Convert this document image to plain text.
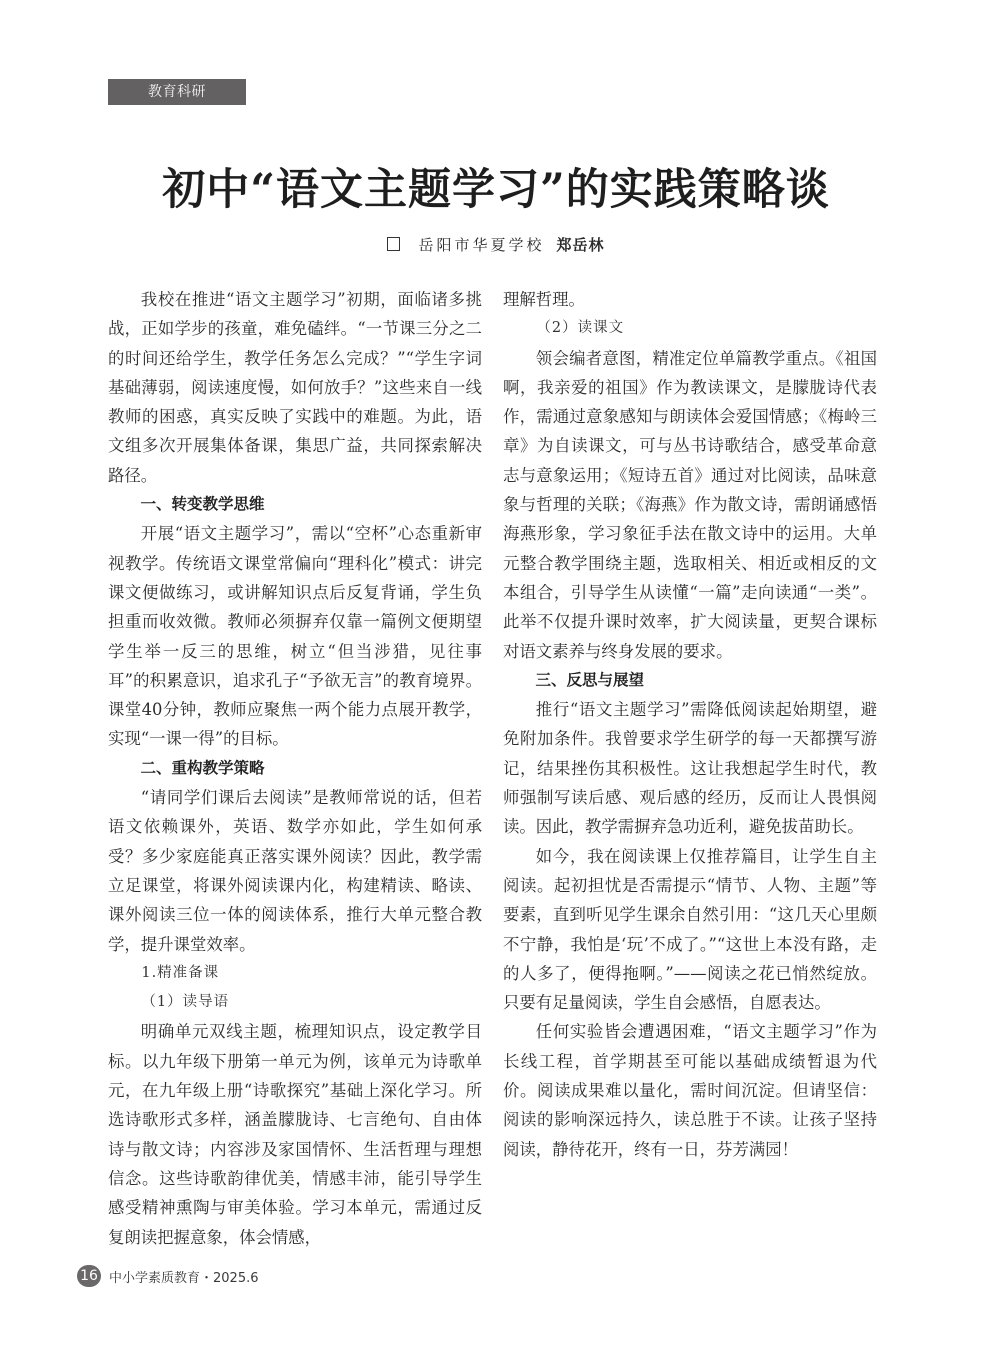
教育科研
初中“语文主题学习”的实践策略谈
岳阳市华夏学校 郑岳林

我校在推进“语文主题学习”初期，面临诸多挑战，正如学步的孩童，难免磕绊。“一节课三分之二的时间还给学生，教学任务怎么完成？”“学生字词基础薄弱，阅读速度慢，如何放手？”这些来自一线教师的困惑，真实反映了实践中的难题。为此，语文组多次开展集体备课，集思广益，共同探索解决路径。

一、转变教学思维

开展“语文主题学习”，需以“空杯”心态重新审视教学。传统语文课堂常偏向“理科化”模式：讲完课文便做练习，或讲解知识点后反复背诵，学生负担重而收效微。教师必须摒弃仅靠一篇例文便期望学生举一反三的思维，树立“但当涉猎，见往事耳”的积累意识，追求孔子“予欲无言”的教育境界。课堂40分钟，教师应聚焦一两个能力点展开教学，实现“一课一得”的目标。

二、重构教学策略

“请同学们课后去阅读”是教师常说的话，但若语文依赖课外，英语、数学亦如此，学生如何承受？多少家庭能真正落实课外阅读？因此，教学需立足课堂，将课外阅读课内化，构建精读、略读、课外阅读三位一体的阅读体系，推行大单元整合教学，提升课堂效率。

1.精准备课
（1）读导语

明确单元双线主题，梳理知识点，设定教学目标。以九年级下册第一单元为例，该单元为诗歌单元，在九年级上册“诗歌探究”基础上深化学习。所选诗歌形式多样，涵盖朦胧诗、七言绝句、自由体诗与散文诗；内容涉及家国情怀、生活哲理与理想信念。这些诗歌韵律优美，情感丰沛，能引导学生感受精神熏陶与审美体验。学习本单元，需通过反复朗读把握意象，体会情感，

理解哲理。

（2）读课文

领会编者意图，精准定位单篇教学重点。《祖国啊，我亲爱的祖国》作为教读课文，是朦胧诗代表作，需通过意象感知与朗读体会爱国情感；《梅岭三章》为自读课文，可与丛书诗歌结合，感受革命意志与意象运用；《短诗五首》通过对比阅读，品味意象与哲理的关联；《海燕》作为散文诗，需朗诵感悟海燕形象，学习象征手法在散文诗中的运用。大单元整合教学围绕主题，选取相关、相近或相反的文本组合，引导学生从读懂“一篇”走向读通“一类”。此举不仅提升课时效率，扩大阅读量，更契合课标对语文素养与终身发展的要求。

三、反思与展望

推行“语文主题学习”需降低阅读起始期望，避免附加条件。我曾要求学生研学的每一天都撰写游记，结果挫伤其积极性。这让我想起学生时代，教师强制写读后感、观后感的经历，反而让人畏惧阅读。因此，教学需摒弃急功近利，避免拔苗助长。

如今，我在阅读课上仅推荐篇目，让学生自主阅读。起初担忧是否需提示“情节、人物、主题”等要素，直到听见学生课余自然引用：“这几天心里颇不宁静，我怕是‘玩’不成了。”“这世上本没有路，走的人多了，便得拖啊。”——阅读之花已悄然绽放。只要有足量阅读，学生自会感悟，自愿表达。

任何实验皆会遭遇困难，“语文主题学习”作为长线工程，首学期甚至可能以基础成绩暂退为代价。阅读成果难以量化，需时间沉淀。但请坚信：阅读的影响深远持久，读总胜于不读。让孩子坚持阅读，静待花开，终有一日，芬芳满园！

16 中小学素质教育・2025.6
